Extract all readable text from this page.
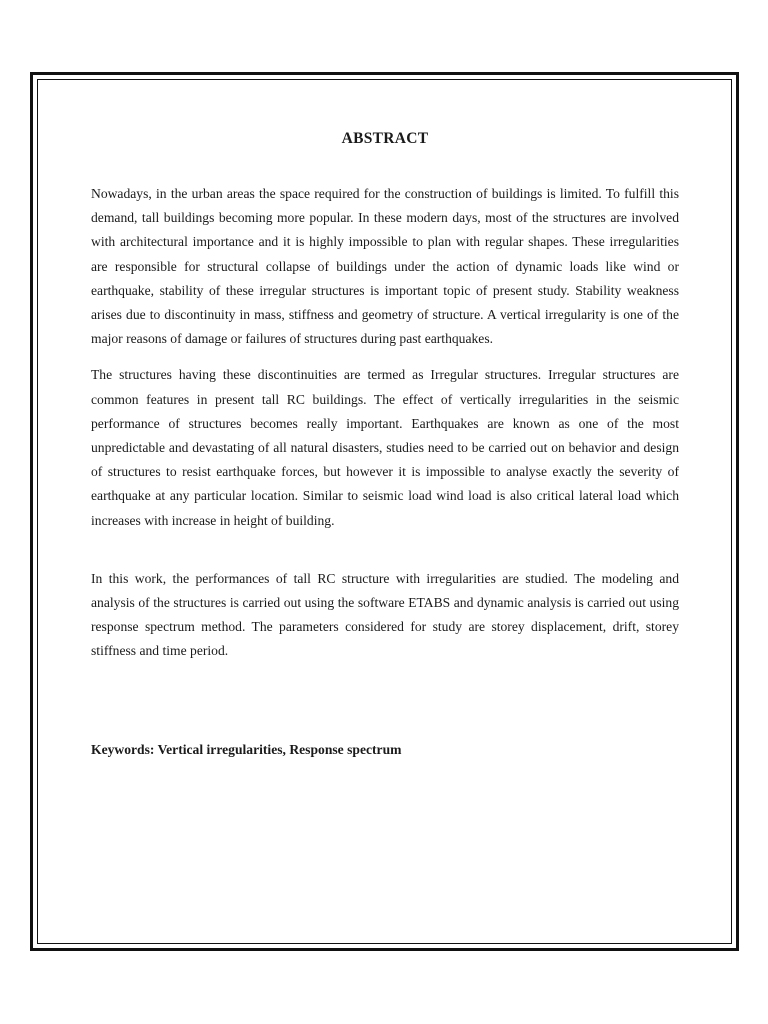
ABSTRACT

Nowadays, in the urban areas the space required for the construction of buildings is limited. To fulfill this demand, tall buildings becoming more popular. In these modern days, most of the structures are involved with architectural importance and it is highly impossible to plan with regular shapes. These irregularities are responsible for structural collapse of buildings under the action of dynamic loads like wind or earthquake, stability of these irregular structures is important topic of present study. Stability weakness arises due to discontinuity in mass, stiffness and geometry of structure. A vertical irregularity is one of the major reasons of damage or failures of structures during past earthquakes.

The structures having these discontinuities are termed as Irregular structures. Irregular structures are common features in present tall RC buildings. The effect of vertically irregularities in the seismic performance of structures becomes really important. Earthquakes are known as one of the most unpredictable and devastating of all natural disasters, studies need to be carried out on behavior and design of structures to resist earthquake forces, but however it is impossible to analyse exactly the severity of earthquake at any particular location. Similar to seismic load wind load is also critical lateral load which increases with increase in height of building.

In this work, the performances of tall RC structure with irregularities are studied. The modeling and analysis of the structures is carried out using the software ETABS and dynamic analysis is carried out using response spectrum method. The parameters considered for study are storey displacement, drift, storey stiffness and time period.

Keywords: Vertical irregularities, Response spectrum
